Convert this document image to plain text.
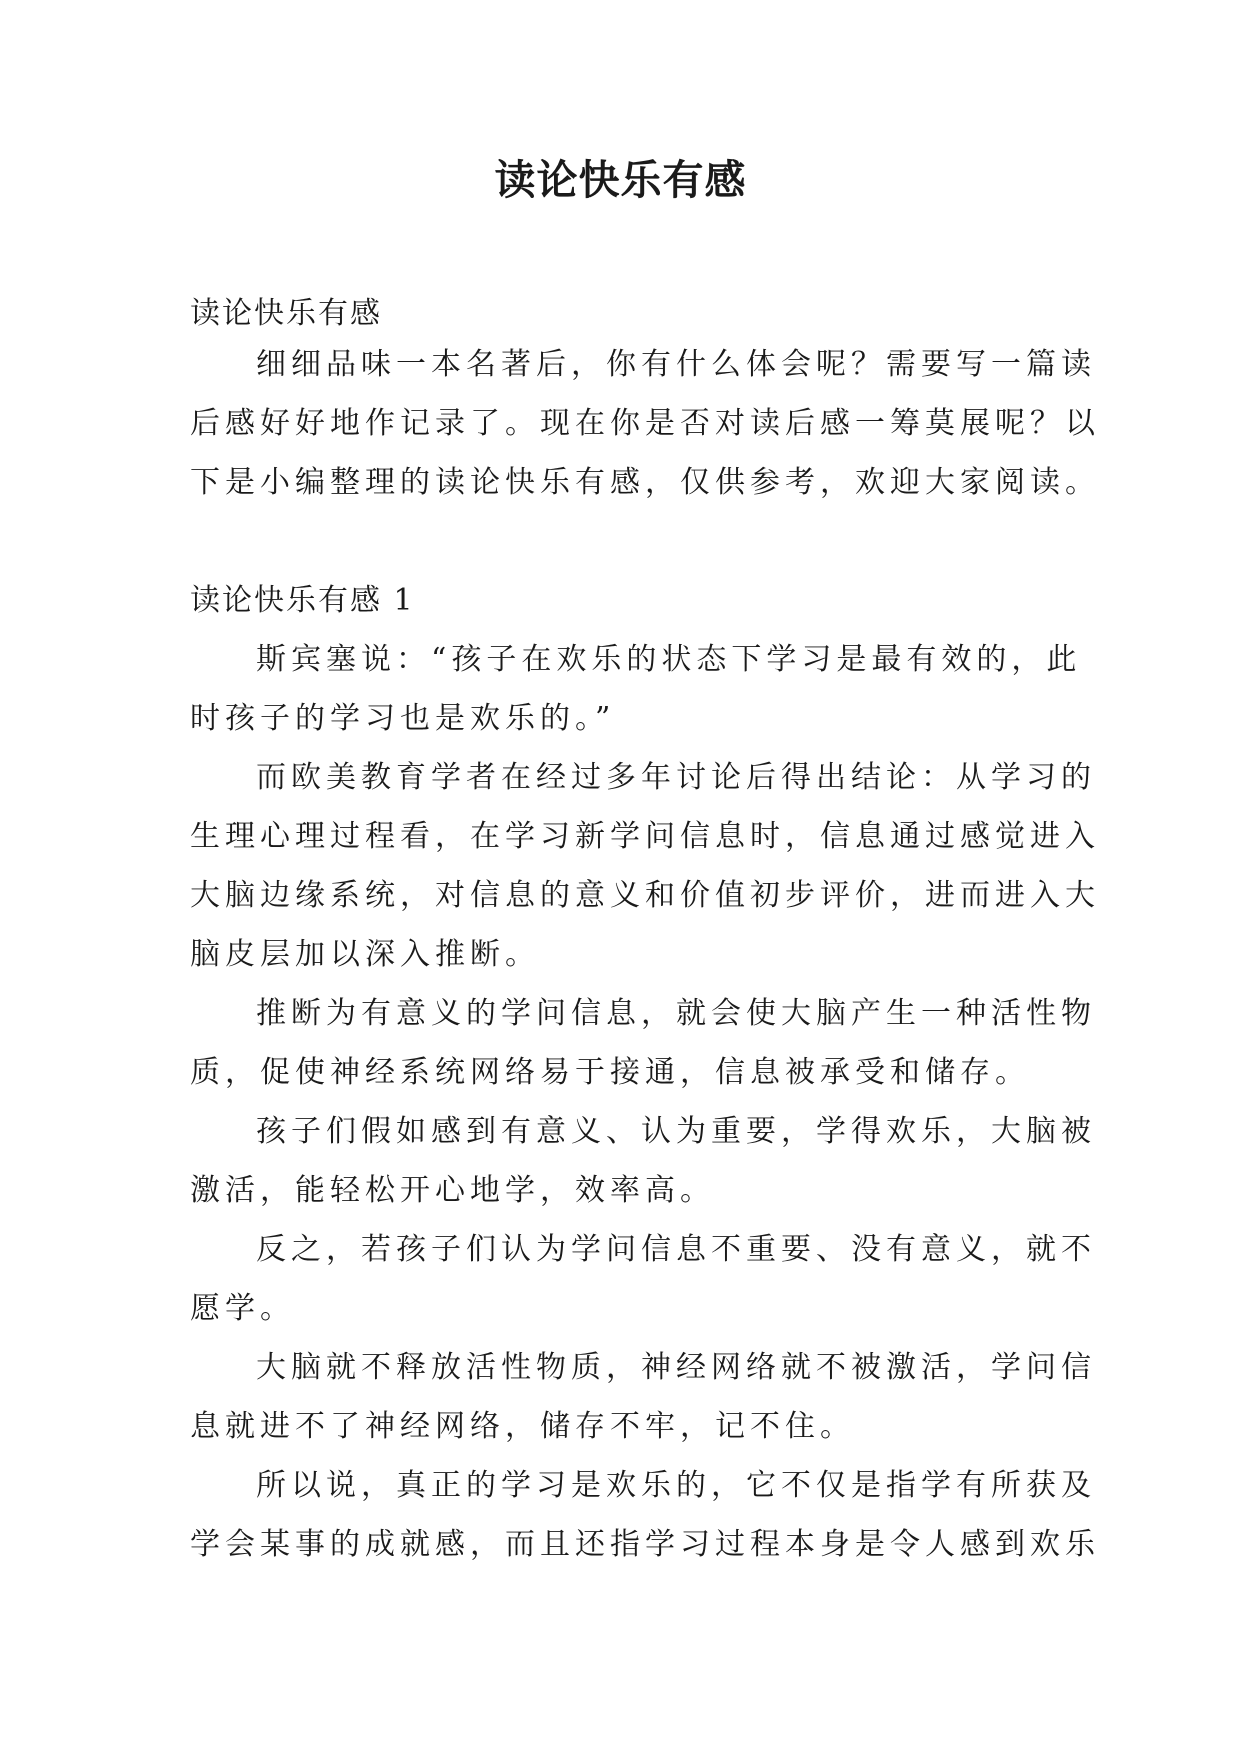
读论快乐有感

读论快乐有感

细细品味一本名著后，你有什么体会呢？需要写一篇读

后感好好地作记录了。现在你是否对读后感一筹莫展呢？以

下是小编整理的读论快乐有感，仅供参考，欢迎大家阅读。

读论快乐有感 1

斯宾塞说：“孩子在欢乐的状态下学习是最有效的，此

时孩子的学习也是欢乐的。”

而欧美教育学者在经过多年讨论后得出结论：从学习的

生理心理过程看，在学习新学问信息时，信息通过感觉进入

大脑边缘系统，对信息的意义和价值初步评价，进而进入大

脑皮层加以深入推断。

推断为有意义的学问信息，就会使大脑产生一种活性物

质，促使神经系统网络易于接通，信息被承受和储存。

孩子们假如感到有意义、认为重要，学得欢乐，大脑被

激活，能轻松开心地学，效率高。

反之，若孩子们认为学问信息不重要、没有意义，就不

愿学。

大脑就不释放活性物质，神经网络就不被激活，学问信

息就进不了神经网络，储存不牢，记不住。

所以说，真正的学习是欢乐的，它不仅是指学有所获及

学会某事的成就感，而且还指学习过程本身是令人感到欢乐
